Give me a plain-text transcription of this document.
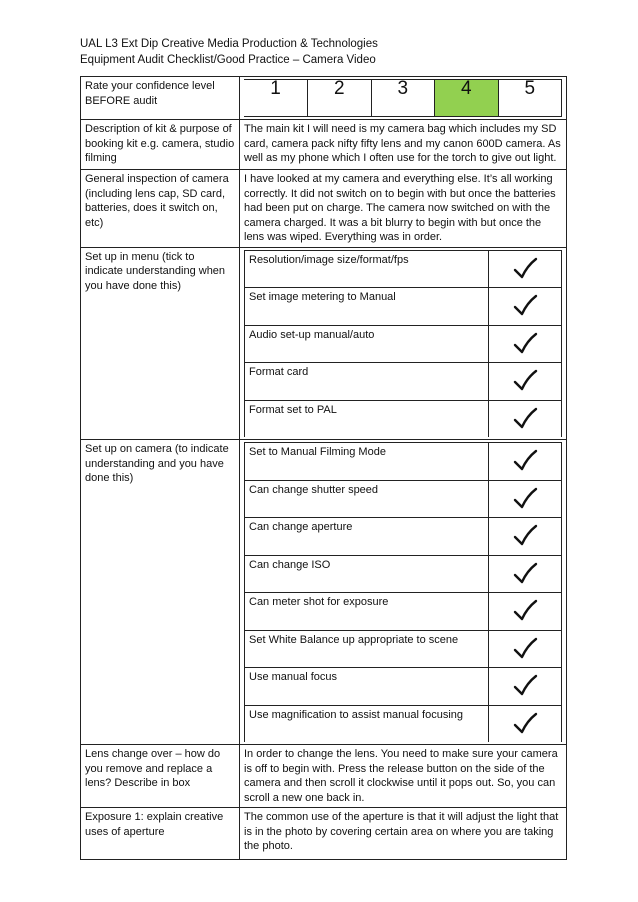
UAL L3 Ext Dip Creative Media Production & Technologies
Equipment Audit Checklist/Good Practice – Camera Video
Rate your confidence level BEFORE audit	
1	2	3	4	5

Description of kit & purpose of booking kit e.g. camera, studio filming	The main kit I will need is my camera bag which includes my SD card, camera pack nifty fifty lens and my canon 600D camera. As well as my phone which I often use for the torch to give out light.
General inspection of camera (including lens cap, SD card, batteries, does it switch on, etc)	I have looked at my camera and everything else. It’s all working correctly. It did not switch on to begin with but once the batteries had been put on charge. The camera now switched on with the camera charged. It was a bit blurry to begin with but once the lens was wiped. Everything was in order.
Set up in menu (tick to indicate understanding when you have done this)	
Resolution/image size/format/fps	

Set image metering to Manual	

Audio set-up manual/auto	

Format card	

Format set to PAL	

Set up on camera (to indicate understanding and you have done this)	
Set to Manual Filming Mode	

Can change shutter speed	

Can change aperture	

Can change ISO	

Can meter shot for exposure	

Set White Balance up appropriate to scene	

Use manual focus	

Use magnification to assist manual focusing	

Lens change over – how do you remove and replace a lens? Describe in box	In order to change the lens. You need to make sure your camera is off to begin with. Press the release button on the side of the camera and then scroll it clockwise until it pops out. So, you can scroll a new one back in.
Exposure 1: explain creative uses of aperture	The common use of the aperture is that it will adjust the light that is in the photo by covering certain area on where you are taking the photo.
